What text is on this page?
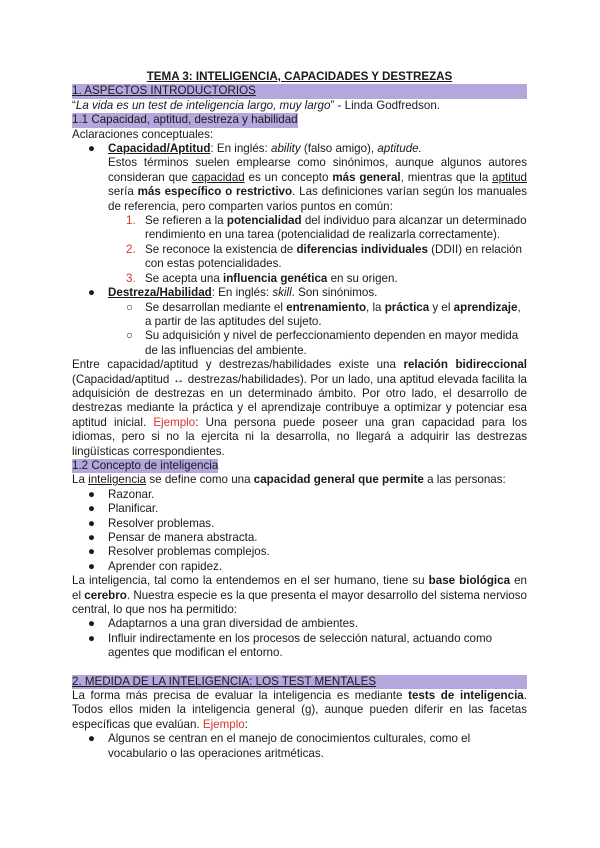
TEMA 3: INTELIGENCIA, CAPACIDADES Y DESTREZAS

1. ASPECTOS INTRODUCTORIOS

“La vida es un test de inteligencia largo, muy largo” - Linda Godfredson.

1.1 Capacidad, aptitud, destreza y habilidad

Aclaraciones conceptuales:

● Capacidad/Aptitud: En inglés: ability (falso amigo), aptitude.

Estos términos suelen emplearse como sinónimos, aunque algunos autores consideran que capacidad es un concepto más general, mientras que la aptitud sería más específico o restrictivo. Las definiciones varían según los manuales de referencia, pero comparten varios puntos en común:

1. Se refieren a la potencialidad del individuo para alcanzar un determinado rendimiento en una tarea (potencialidad de realizarla correctamente).
2. Se reconoce la existencia de diferencias individuales (DDII) en relación con estas potencialidades.
3. Se acepta una influencia genética en su origen.
● Destreza/Habilidad: En inglés: skill. Son sinónimos.
○ Se desarrollan mediante el entrenamiento, la práctica y el aprendizaje, a partir de las aptitudes del sujeto.
○ Su adquisición y nivel de perfeccionamiento dependen en mayor medida de las influencias del ambiente.

Entre capacidad/aptitud y destrezas/habilidades existe una relación bidireccional (Capacidad/aptitud ↔ destrezas/habilidades). Por un lado, una aptitud elevada facilita la adquisición de destrezas en un determinado ámbito. Por otro lado, el desarrollo de destrezas mediante la práctica y el aprendizaje contribuye a optimizar y potenciar esa aptitud inicial. Ejemplo: Una persona puede poseer una gran capacidad para los idiomas, pero si no la ejercita ni la desarrolla, no llegará a adquirir las destrezas lingüísticas correspondientes.

1.2 Concepto de inteligencia

La inteligencia se define como una capacidad general que permite a las personas:

● Razonar.
● Planificar.
● Resolver problemas.
● Pensar de manera abstracta.
● Resolver problemas complejos.
● Aprender con rapidez.

La inteligencia, tal como la entendemos en el ser humano, tiene su base biológica en el cerebro. Nuestra especie es la que presenta el mayor desarrollo del sistema nervioso central, lo que nos ha permitido:

● Adaptarnos a una gran diversidad de ambientes.
● Influir indirectamente en los procesos de selección natural, actuando como agentes que modifican el entorno.
2. MEDIDA DE LA INTELIGENCIA: LOS TEST MENTALES

La forma más precisa de evaluar la inteligencia es mediante tests de inteligencia. Todos ellos miden la inteligencia general (g), aunque pueden diferir en las facetas específicas que evalúan. Ejemplo:

● Algunos se centran en el manejo de conocimientos culturales, como el vocabulario o las operaciones aritméticas.
